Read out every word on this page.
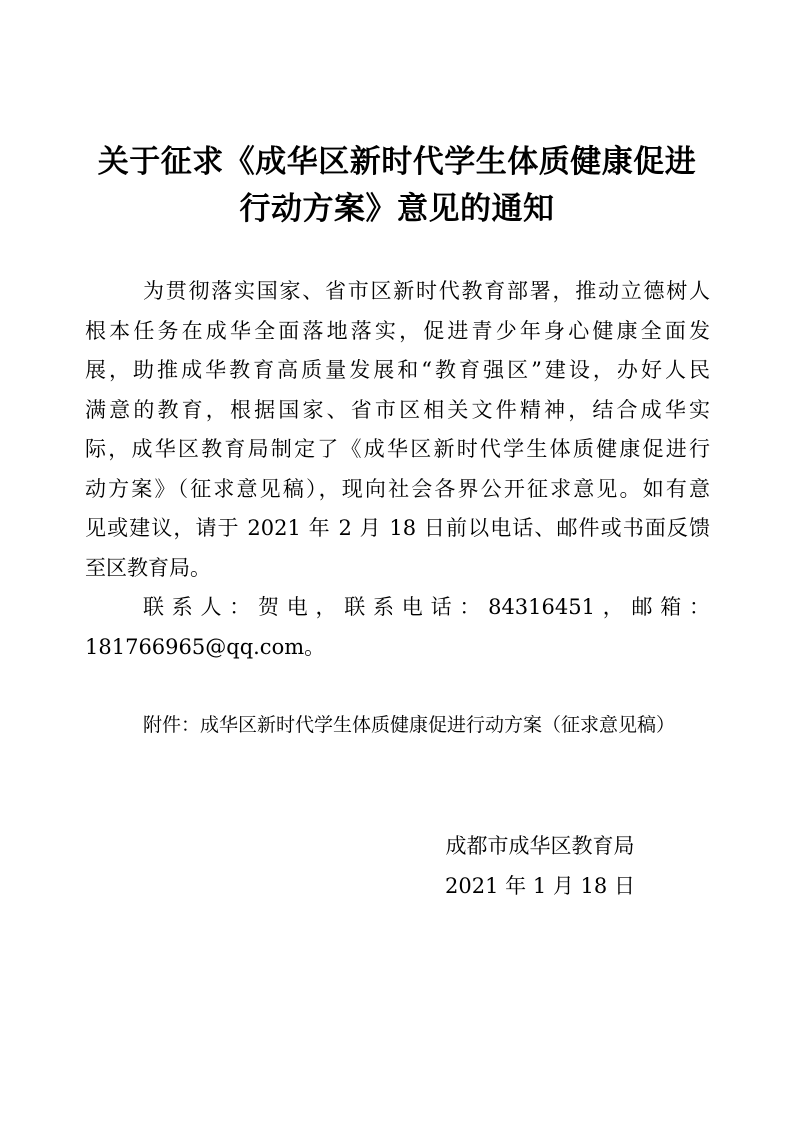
关于征求《成华区新时代学生体质健康促进
行动方案》意见的通知
为贯彻落实国家、省市区新时代教育部署，推动立德树人
根本任务在成华全面落地落实，促进青少年身心健康全面发
展，助推成华教育高质量发展和“教育强区”建设，办好人民
满意的教育，根据国家、省市区相关文件精神，结合成华实
际，成华区教育局制定了《成华区新时代学生体质健康促进行
动方案》（征求意见稿），现向社会各界公开征求意见。如有意
见或建议，请于 2021 年 2 月 18 日前以电话、邮件或书面反馈
至区教育局。
联系人：贺电，联系电话：84316451，邮箱：
181766965@qq.com。
附件：成华区新时代学生体质健康促进行动方案（征求意见稿）
成都市成华区教育局
2021 年 1 月 18 日
